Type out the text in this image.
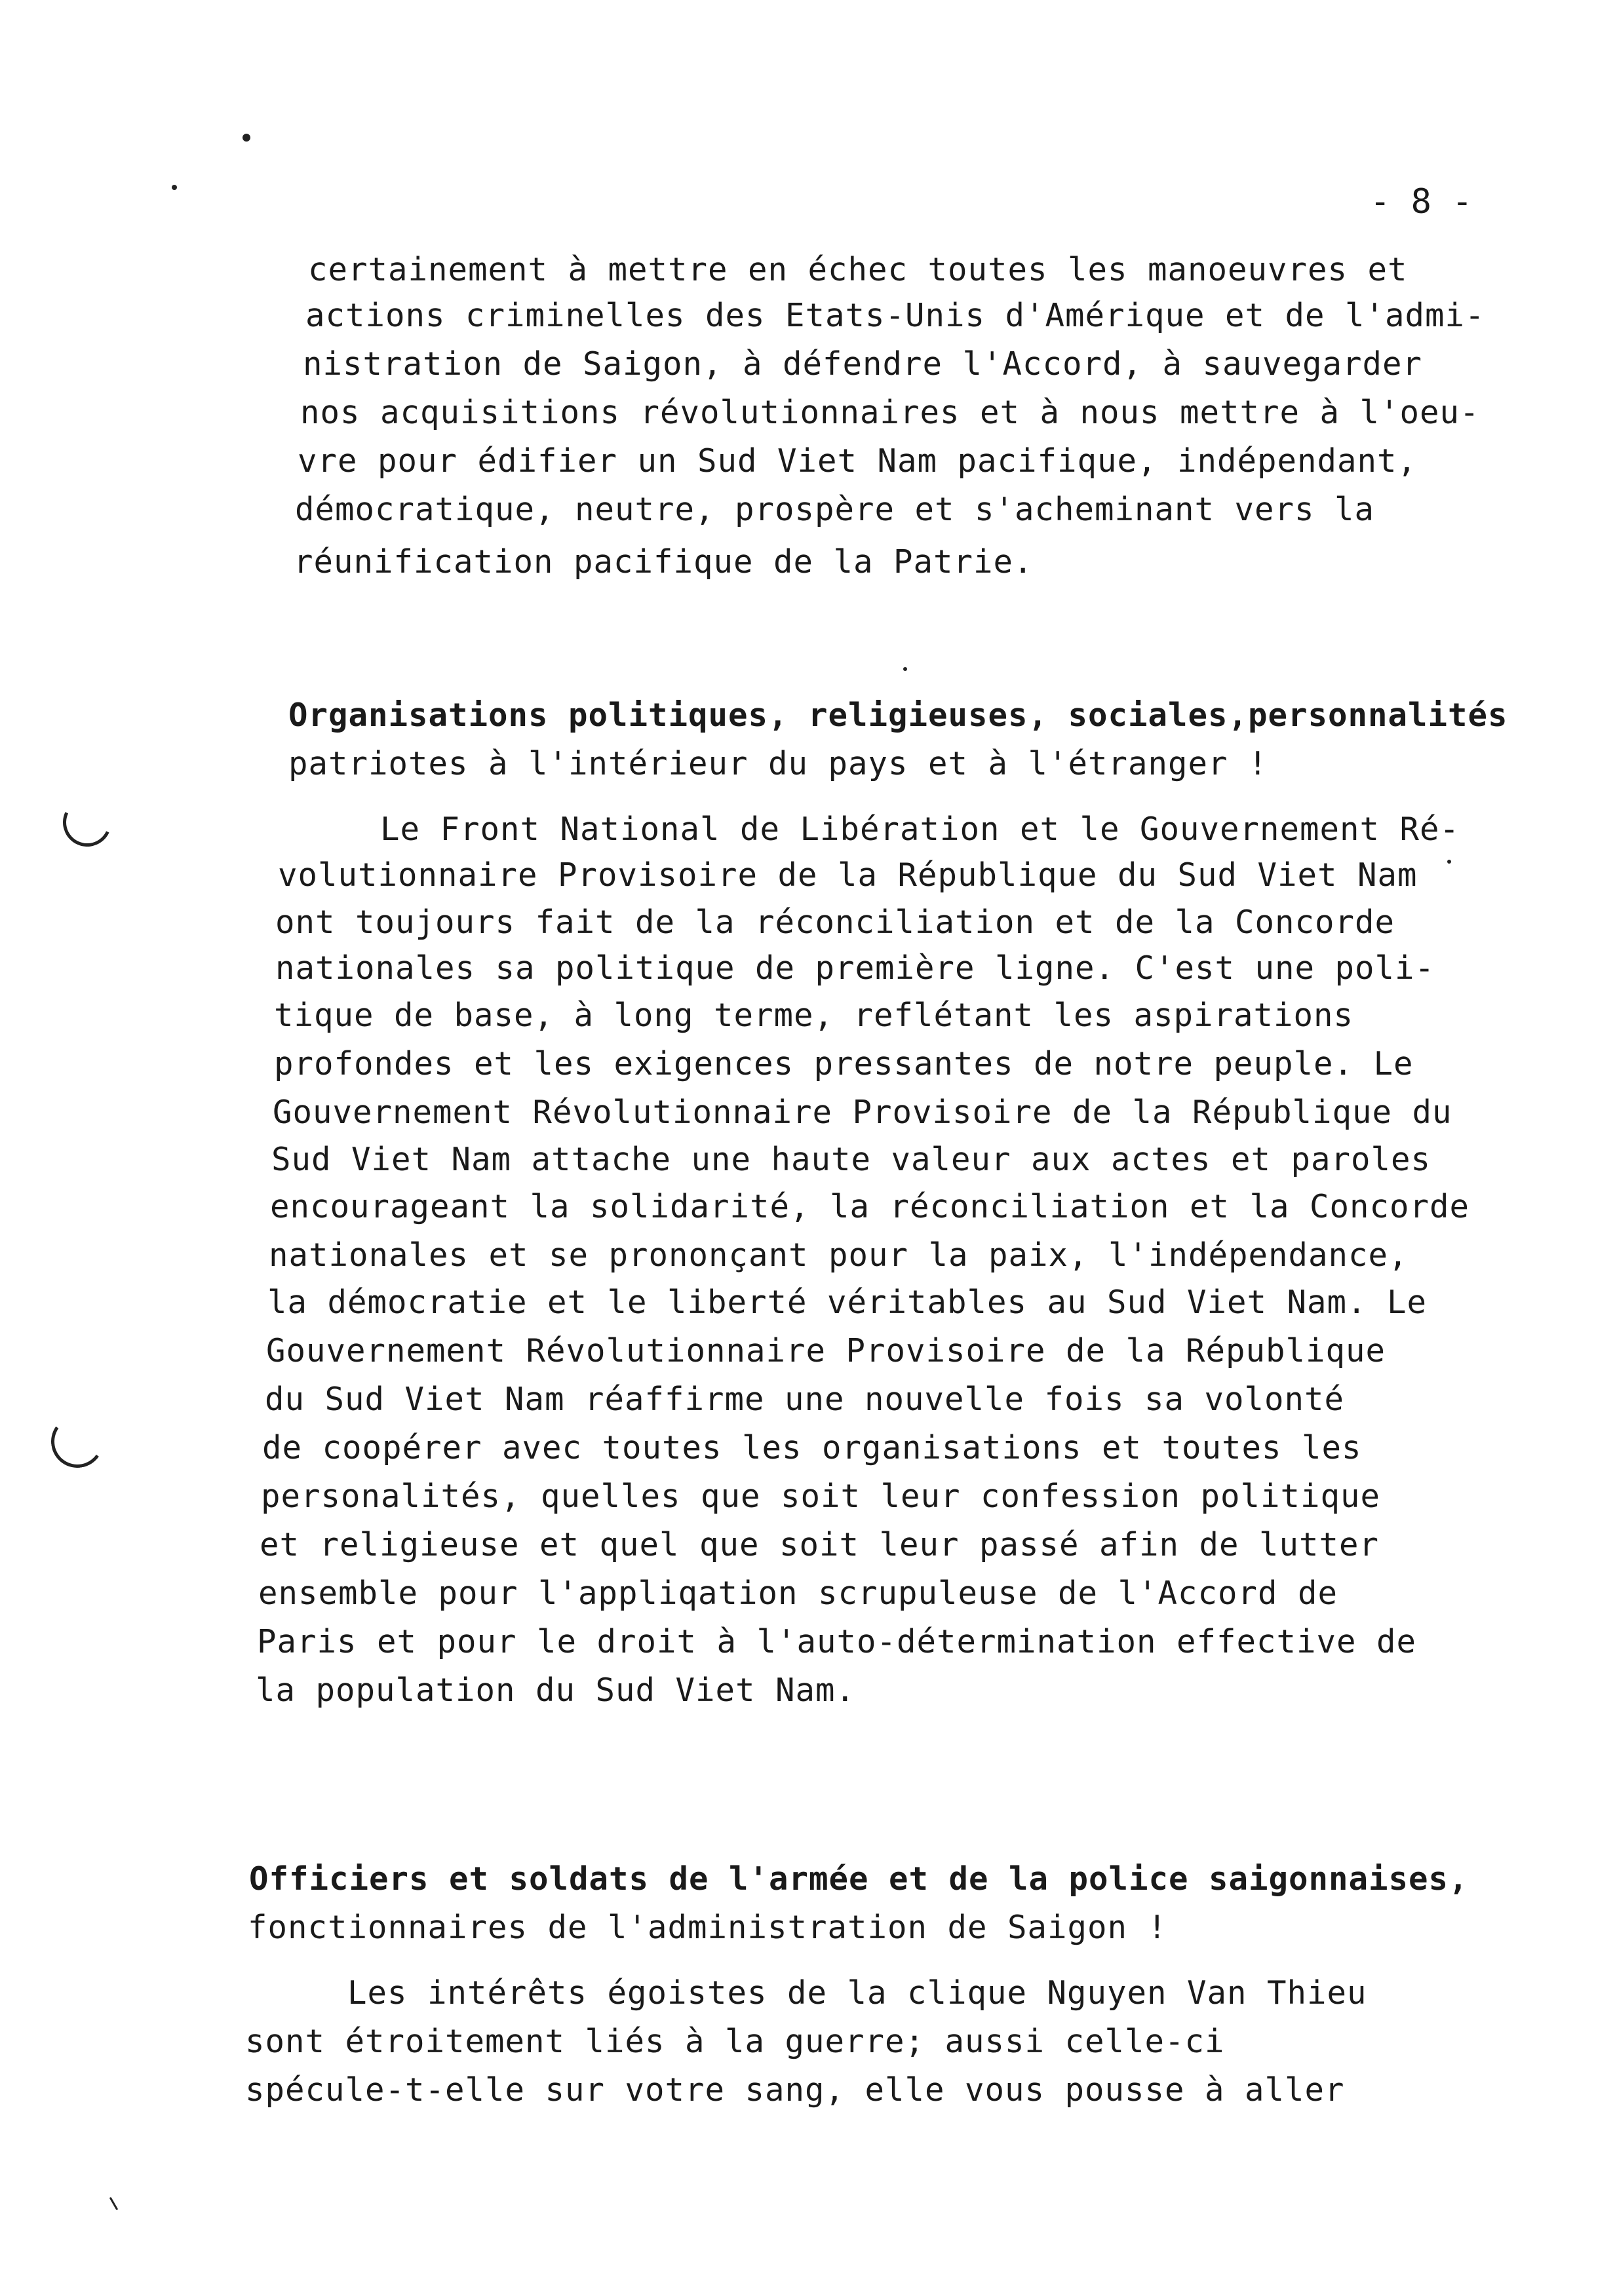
- 8 -
certainement à mettre en échec toutes les manoeuvres et
actions criminelles des Etats-Unis d'Amérique et de l'admi-
nistration de Saigon, à défendre l'Accord, à sauvegarder
nos acquisitions révolutionnaires et à nous mettre à l'oeu-
vre pour édifier un Sud Viet Nam pacifique, indépendant,
démocratique, neutre, prospère et s'acheminant vers la
réunification pacifique de la Patrie.
Organisations politiques, religieuses, sociales,personnalités
patriotes à l'intérieur du pays et à l'étranger !
Le Front National de Libération et le Gouvernement Ré-
volutionnaire Provisoire de la République du Sud Viet Nam
ont toujours fait de la réconciliation et de la Concorde
nationales sa politique de première ligne. C'est une poli-
tique de base, à long terme, reflétant les aspirations
profondes et les exigences pressantes de notre peuple. Le
Gouvernement Révolutionnaire Provisoire de la République du
Sud Viet Nam attache une haute valeur aux actes et paroles
encourageant la solidarité, la réconciliation et la Concorde
nationales et se prononçant pour la paix, l'indépendance,
la démocratie et le liberté véritables au Sud Viet Nam. Le
Gouvernement Révolutionnaire Provisoire de la République
du Sud Viet Nam réaffirme une nouvelle fois sa volonté
de coopérer avec toutes les organisations et toutes les
personalités, quelles que soit leur confession politique
et religieuse et quel que soit leur passé afin de lutter
ensemble pour l'appliqation scrupuleuse de l'Accord de
Paris et pour le droit à l'auto-détermination effective de
la population du Sud Viet Nam.
Officiers et soldats de l'armée et de la police saigonnaises,
fonctionnaires de l'administration de Saigon !
Les intérêts égoistes de la clique Nguyen Van Thieu
sont étroitement liés à la guerre; aussi celle-ci
spécule-t-elle sur votre sang, elle vous pousse à aller
